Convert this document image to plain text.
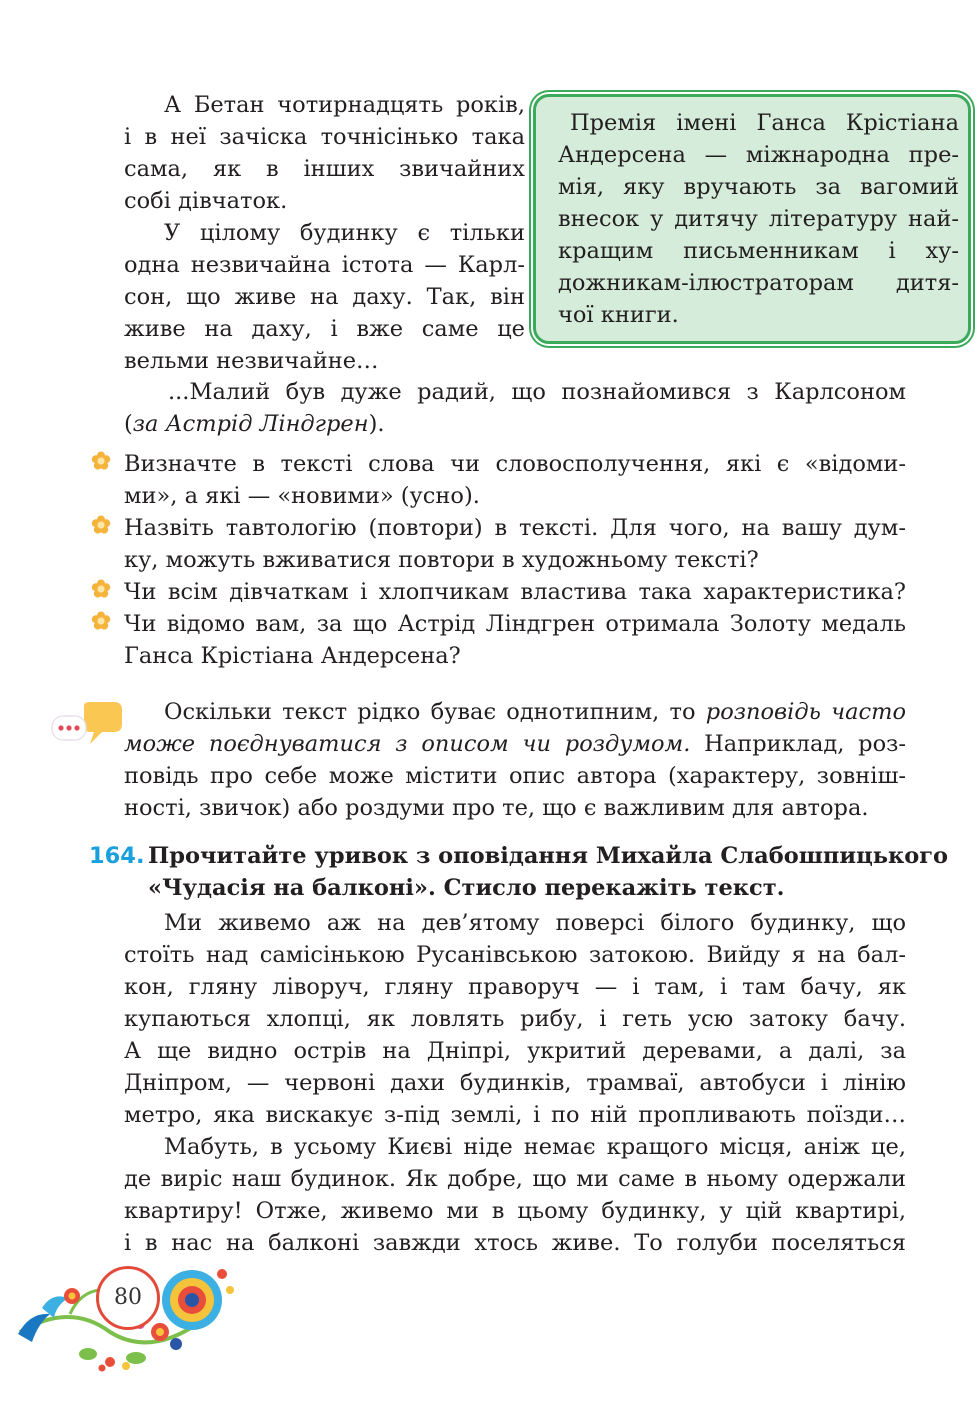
А Бетан чотирнадцять років,
і в неї зачіска точнісінько така
сама, як в інших звичайних
собі дівчаток.
У цілому будинку є тільки
одна незвичайна істота — Карл-
сон, що живе на даху. Так, він
живе на даху, і вже саме це
вельми незвичайне…
Премія імені Ганса Крістіана
Андерсена — міжнародна пре-
мія, яку вручають за вагомий
внесок у дитячу літературу най-
кращим письменникам і ху-
дожникам-ілюстраторам дитя-
чої книги.
...Малий був дуже радий, що познайомився з Карлсоном
(за Астрід Ліндгрен).
Визначте в тексті слова чи словосполучення, які є «відоми-
ми», а які — «новими» (усно).
Назвіть тавтологію (повтори) в тексті. Для чого, на вашу дум-
ку, можуть вживатися повтори в художньому тексті?
Чи всім дівчаткам і хлопчикам властива така характеристика?
Чи відомо вам, за що Астрід Ліндгрен отримала Золоту медаль
Ганса Крістіана Андерсена?
Оскільки текст рідко буває однотипним, то розповідь часто
може поєднуватися з описом чи роздумом. Наприклад, роз-
повідь про себе може містити опис автора (характеру, зовніш-
ності, звичок) або роздуми про те, що є важливим для автора.
164. Прочитайте уривок з оповідання Михайла Слабошпицького
«Чудасія на балконі». Стисло перекажіть текст.
Ми живемо аж на дев’ятому поверсі білого будинку, що
стоїть над самісінькою Русанівською затокою. Вийду я на бал-
кон, гляну ліворуч, гляну праворуч — і там, і там бачу, як
купаються хлопці, як ловлять рибу, і геть усю затоку бачу.
А ще видно острів на Дніпрі, укритий деревами, а далі, за
Дніпром, — червоні дахи будинків, трамваї, автобуси і лінію
метро, яка вискакує з-під землі, і по ній пропливають поїзди…
Мабуть, в усьому Києві ніде немає кращого місця, аніж це,
де виріс наш будинок. Як добре, що ми саме в ньому одержали
квартиру! Отже, живемо ми в цьому будинку, у цій квартирі,
і в нас на балконі завжди хтось живе. То голуби поселяться
80
